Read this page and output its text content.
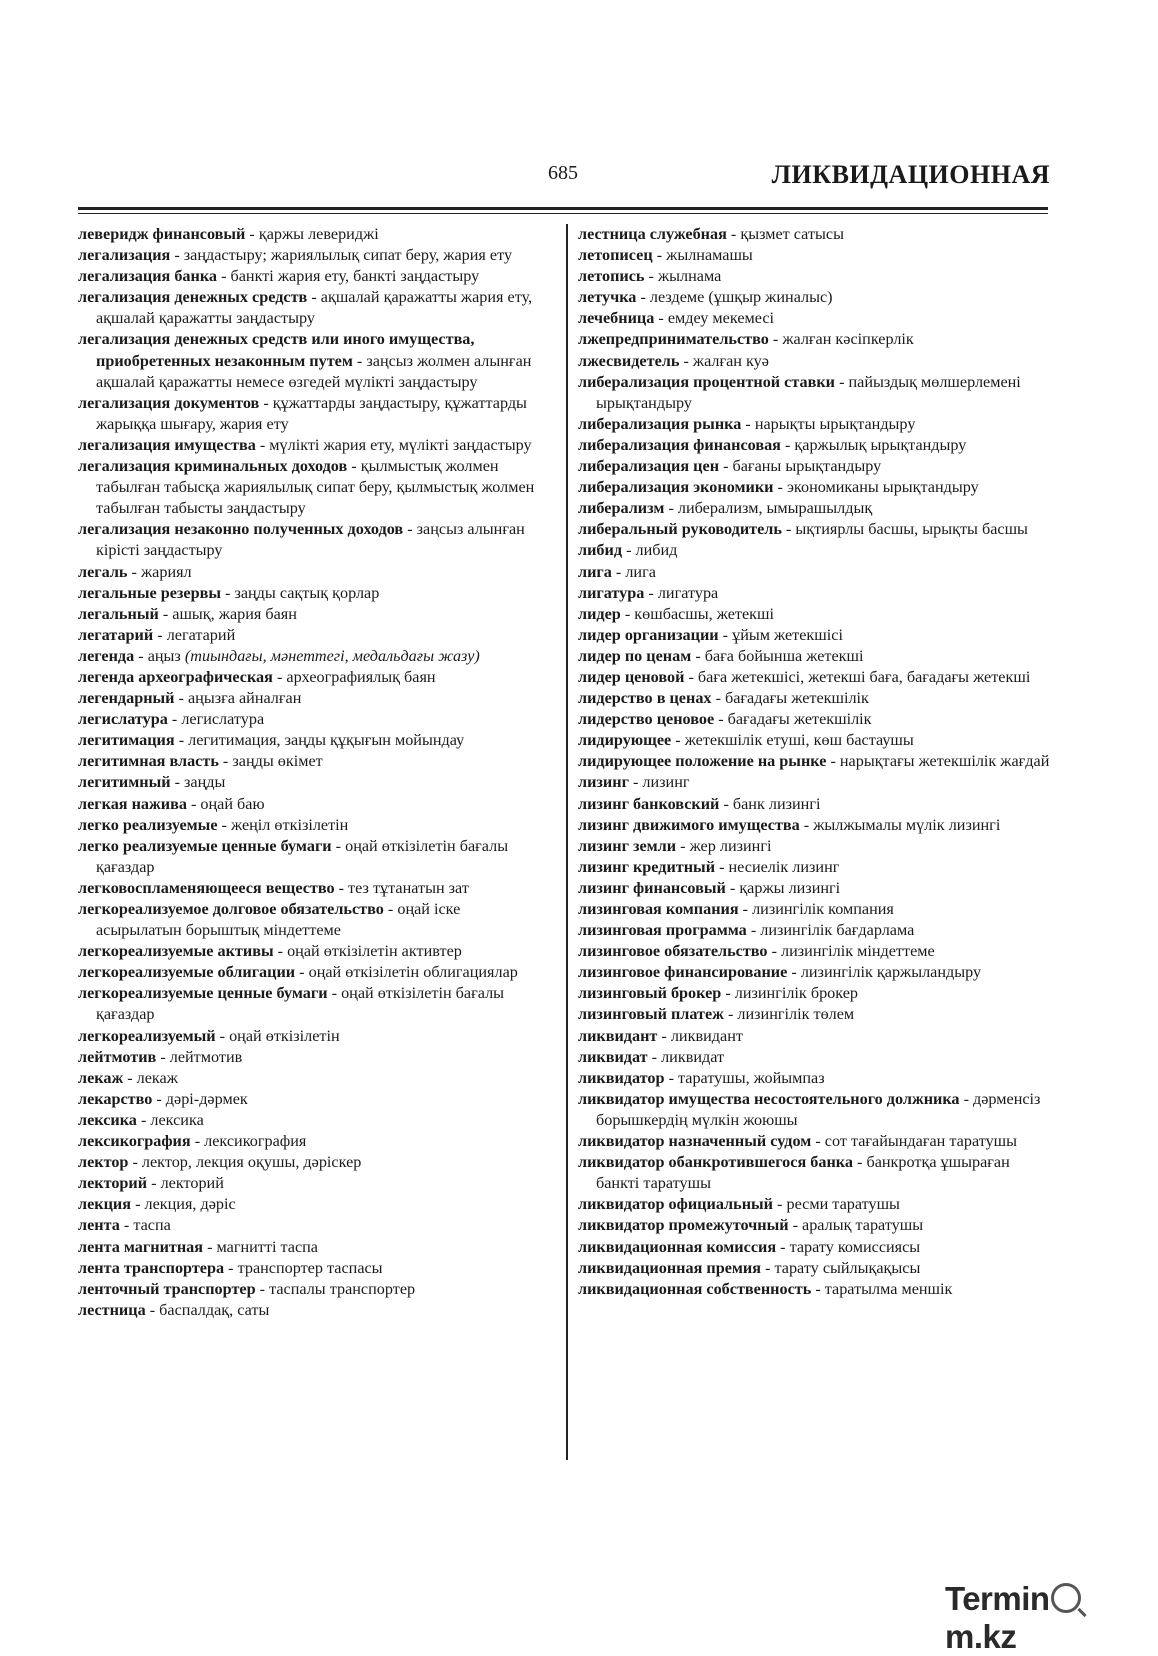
685	ЛИКВИДАЦИОННАЯ

левeридж финансовый - қаржы левериджі

легализация - заңдастыру; жариялылық сипат беру, жария ету

легализация банка - банкті жария ету, банкті заңдастыру

легализация денежных средств - ақшалай қаражатты жария ету, ақшалай қаражатты заңдастыру

легализация денежных средств или иного имущества, приобретенных незаконным путем - заңсыз жолмен алынған ақшалай қаражатты немесе өзгедей мүлікті заңдастыру

легализация документов - құжаттарды заңдастыру, құжаттарды жарыққа шығару, жария ету

легализация имущества - мүлікті жария ету, мүлікті заңдастыру

легализация криминальных доходов - қылмыстық жолмен табылған табысқа жариялылық сипат беру, қылмыстық жолмен табылған табысты заңдастыру

легализация незаконно полученных доходов - заңсыз алынған кірісті заңдастыру

легаль - жариял

легальные резервы - заңды сақтық қорлар

легальный - ашық, жария баян

легатарий - легатарий

легенда - аңыз (тиындағы, мәнеттегі, медальдағы жазу)

легенда археографическая - археографиялық баян

легендарный - аңызға айналған

легислатура - легислатура

легитимация - легитимация, заңды құқығын мойындау

легитимная власть - заңды өкімет

легитимный - заңды

легкая нажива - оңай баю

легко реализуемые - жеңіл өткізілетін

легко реализуемые ценные бумаги - оңай өткізілетін бағалы қағаздар

легковоспламеняющееся вещество - тез тұтанатын зат

легкореализуемое долговое обязательство - оңай іске асырылатын борыштық міндеттеме

легкореализуемые активы - оңай өткізілетін активтер

легкореализуемые облигации - оңай өткізілетін облигациялар

легкореализуемые ценные бумаги - оңай өткізілетін бағалы қағаздар

легкореализуемый - оңай өткізілетін

лейтмотив - лейтмотив

лекаж - лекаж

лекарство - дәрі-дәрмек

лексика - лексика

лексикография - лексикография

лектор - лектор, лекция оқушы, дәріскер

лекторий - лекторий

лекция - лекция, дәріс

лента - таспа

лента магнитная - магнитті таспа

лента транспортера - транспортер таспасы

ленточный транспортер - таспалы транспортер

лестница - баспалдақ, саты

лестница служебная - қызмет сатысы

летописец - жылнамашы

летопись - жылнама

летучка - лездеме (ұшқыр жиналыс)

лечебница - емдеу мекемесі

лжепредпринимательство - жалған кәсіпкерлік

лжесвидетель - жалған куә

либерализация процентной ставки - пайыздық мөлшерлемені ырықтандыру

либерализация рынка - нарықты ырықтандыру

либерализация финансовая - қаржылық ырықтандыру

либерализация цен - бағаны ырықтандыру

либерализация экономики - экономиканы ырықтандыру

либерализм - либерализм, ымырашылдық

либеральный руководитель - ықтиярлы басшы, ырықты басшы

либид - либид

лига - лига

лигатура - лигатура

лидер - көшбасшы, жетекші

лидер организации - ұйым жетекшісі

лидер по ценам - баға бойынша жетекші

лидер ценовой - баға жетекшісі, жетекші баға, бағадағы жетекші

лидерство в ценах - бағадағы жетекшілік

лидерство ценовое - бағадағы жетекшілік

лидирующее - жетекшілік етуші, көш бастаушы

лидирующее положение на рынке - нарықтағы жетекшілік жағдай

лизинг - лизинг

лизинг банковский - банк лизингі

лизинг движимого имущества - жылжымалы мүлік лизингі

лизинг земли - жер лизингі

лизинг кредитный - несиелік лизинг

лизинг финансовый - қаржы лизингі

лизинговая компания - лизингілік компания

лизинговая программа - лизингілік бағдарлама

лизинговое обязательство - лизингілік міндеттеме

лизинговое финансирование - лизингілік қаржыландыру

лизинговый брокер - лизингілік брокер

лизинговый платеж - лизингілік төлем

ликвидант - ликвидант

ликвидат - ликвидат

ликвидатор - таратушы, жойымпаз

ликвидатор имущества несостоятельного должника - дәрменсіз борышкердің мүлкін жоюшы

ликвидатор назначенный судом - сот тағайындаған таратушы

ликвидатор обанкротившегося банка - банкротқа ұшыраған банкті таратушы

ликвидатор официальный - ресми таратушы

ликвидатор промежуточный - аралық таратушы

ликвидационная комиссия - тарату комиссиясы

ликвидационная премия - тарату сыйлықақысы

ликвидационная собственность - таратылма меншік

Terminm.kz
